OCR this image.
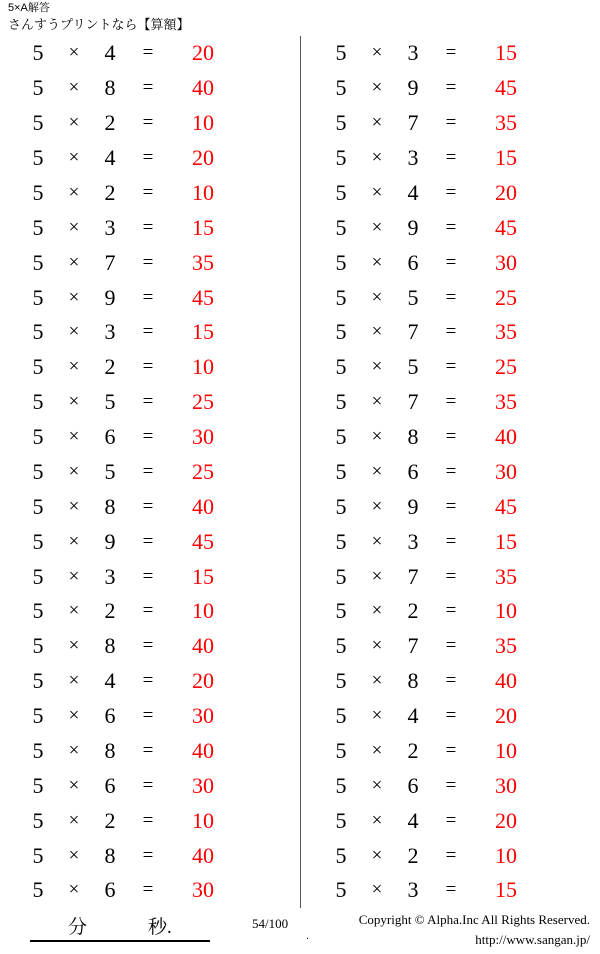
5×A解答
さんすうプリントなら【算額】
5	×	4	=	20
5	×	8	=	40
5	×	2	=	10
5	×	4	=	20
5	×	2	=	10
5	×	3	=	15
5	×	7	=	35
5	×	9	=	45
5	×	3	=	15
5	×	2	=	10
5	×	5	=	25
5	×	6	=	30
5	×	5	=	25
5	×	8	=	40
5	×	9	=	45
5	×	3	=	15
5	×	2	=	10
5	×	8	=	40
5	×	4	=	20
5	×	6	=	30
5	×	8	=	40
5	×	6	=	30
5	×	2	=	10
5	×	8	=	40
5	×	6	=	30
5	×	3	=	15
5	×	9	=	45
5	×	7	=	35
5	×	3	=	15
5	×	4	=	20
5	×	9	=	45
5	×	6	=	30
5	×	5	=	25
5	×	7	=	35
5	×	5	=	25
5	×	7	=	35
5	×	8	=	40
5	×	6	=	30
5	×	9	=	45
5	×	3	=	15
5	×	7	=	35
5	×	2	=	10
5	×	7	=	35
5	×	8	=	40
5	×	4	=	20
5	×	2	=	10
5	×	6	=	30
5	×	4	=	20
5	×	2	=	10
5	×	3	=	15
分	秒.	54/100
.
Copyright © Alpha.Inc All Rights Reserved.
http://www.sangan.jp/
